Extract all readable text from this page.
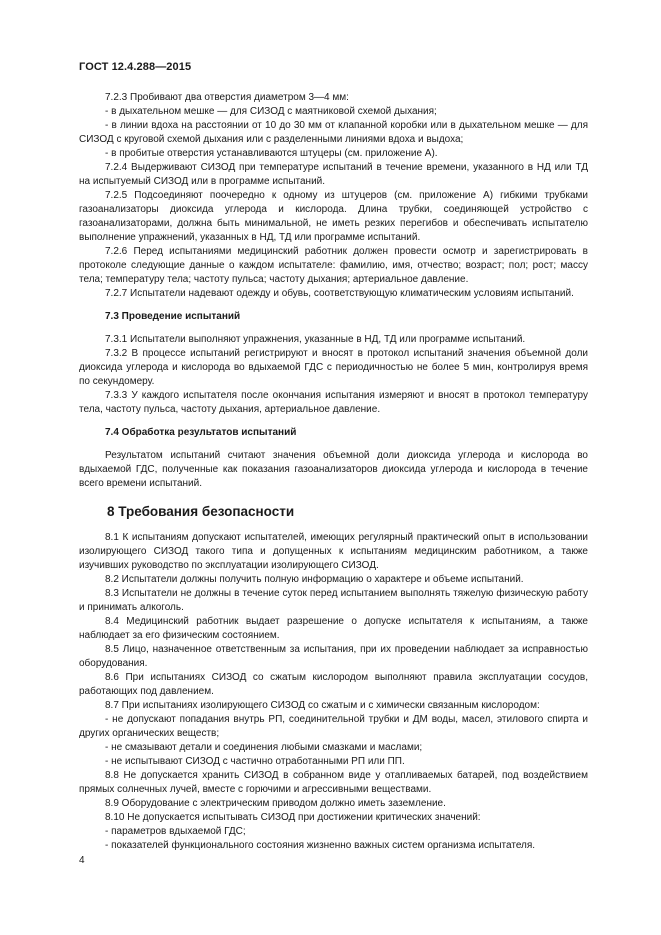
ГОСТ 12.4.288—2015

7.2.3 Пробивают два отверстия диаметром 3—4 мм:

- в дыхательном мешке — для СИЗОД с маятниковой схемой дыхания;

- в линии вдоха на расстоянии от 10 до 30 мм от клапанной коробки или в дыхательном мешке — для СИЗОД с круговой схемой дыхания или с разделенными линиями вдоха и выдоха;

- в пробитые отверстия устанавливаются штуцеры (см. приложение А).

7.2.4 Выдерживают СИЗОД при температуре испытаний в течение времени, указанного в НД или ТД на испытуемый СИЗОД или в программе испытаний.

7.2.5 Подсоединяют поочередно к одному из штуцеров (см. приложение А) гибкими трубками газоанализаторы диоксида углерода и кислорода. Длина трубки, соединяющей устройство с газоанализаторами, должна быть минимальной, не иметь резких перегибов и обеспечивать испытателю выполнение упражнений, указанных в НД, ТД или программе испытаний.

7.2.6 Перед испытаниями медицинский работник должен провести осмотр и зарегистрировать в протоколе следующие данные о каждом испытателе: фамилию, имя, отчество; возраст; пол; рост; массу тела; температуру тела; частоту пульса; частоту дыхания; артериальное давление.

7.2.7 Испытатели надевают одежду и обувь, соответствующую климатическим условиям испытаний.

7.3 Проведение испытаний

7.3.1 Испытатели выполняют упражнения, указанные в НД, ТД или программе испытаний.

7.3.2 В процессе испытаний регистрируют и вносят в протокол испытаний значения объемной доли диоксида углерода и кислорода во вдыхаемой ГДС с периодичностью не более 5 мин, контролируя время по секундомеру.

7.3.3 У каждого испытателя после окончания испытания измеряют и вносят в протокол температуру тела, частоту пульса, частоту дыхания, артериальное давление.

7.4 Обработка результатов испытаний

Результатом испытаний считают значения объемной доли диоксида углерода и кислорода во вдыхаемой ГДС, полученные как показания газоанализаторов диоксида углерода и кислорода в течение всего времени испытаний.

8 Требования безопасности

8.1 К испытаниям допускают испытателей, имеющих регулярный практический опыт в использовании изолирующего СИЗОД такого типа и допущенных к испытаниям медицинским работником, а также изучивших руководство по эксплуатации изолирующего СИЗОД.

8.2 Испытатели должны получить полную информацию о характере и объеме испытаний.

8.3 Испытатели не должны в течение суток перед испытанием выполнять тяжелую физическую работу и принимать алкоголь.

8.4 Медицинский работник выдает разрешение о допуске испытателя к испытаниям, а также наблюдает за его физическим состоянием.

8.5 Лицо, назначенное ответственным за испытания, при их проведении наблюдает за исправностью оборудования.

8.6 При испытаниях СИЗОД со сжатым кислородом выполняют правила эксплуатации сосудов, работающих под давлением.

8.7 При испытаниях изолирующего СИЗОД со сжатым и с химически связанным кислородом:

- не допускают попадания внутрь РП, соединительной трубки и ДМ воды, масел, этилового спирта и других органических веществ;

- не смазывают детали и соединения любыми смазками и маслами;

- не испытывают СИЗОД с частично отработанными РП или ПП.

8.8 Не допускается хранить СИЗОД в собранном виде у отапливаемых батарей, под воздействием прямых солнечных лучей, вместе с горючими и агрессивными веществами.

8.9 Оборудование с электрическим приводом должно иметь заземление.

8.10 Не допускается испытывать СИЗОД при достижении критических значений:

- параметров вдыхаемой ГДС;

- показателей функционального состояния жизненно важных систем организма испытателя.

4
